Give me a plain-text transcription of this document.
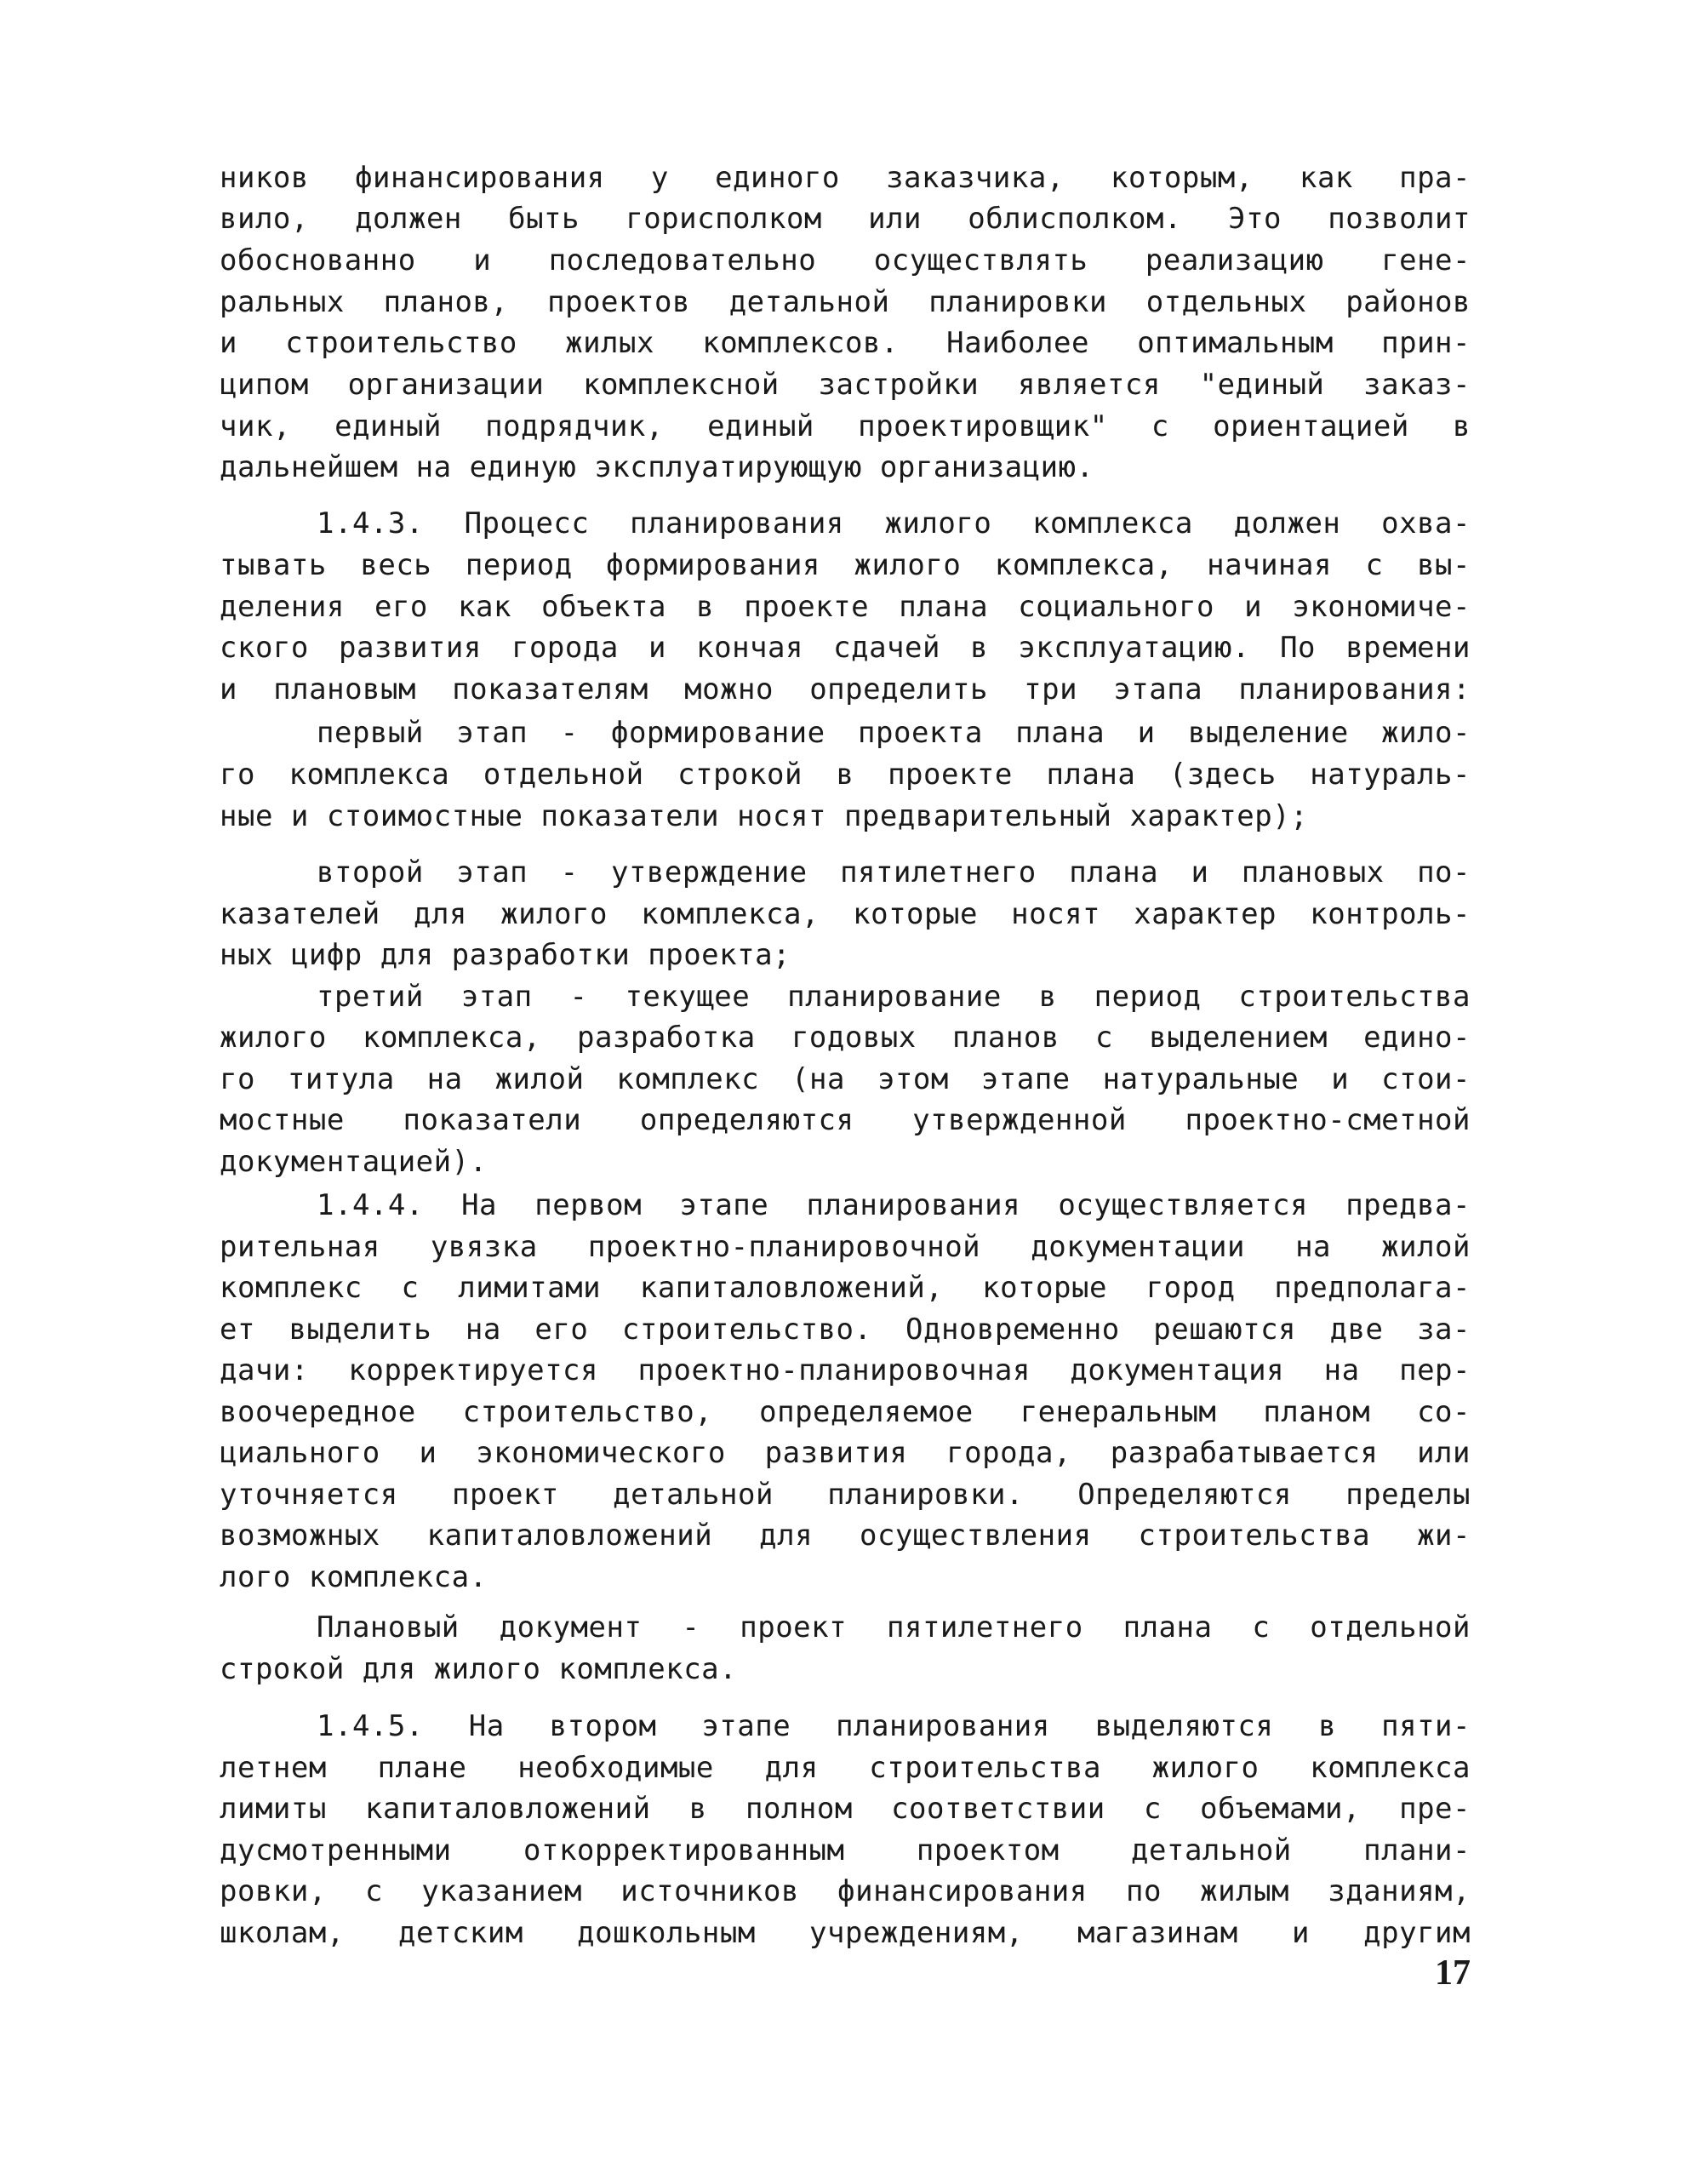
ников финансирования у единого заказчика, которым, как пра-
вило, должен быть горисполком или облисполком. Это позволит
обоснованно и последовательно осуществлять реализацию гене-
ральных планов, проектов детальной планировки отдельных районов
и строительство жилых комплексов. Наиболее оптимальным прин-
ципом организации комплексной застройки является "единый заказ-
чик, единый подрядчик, единый проектировщик" с ориентацией в
дальнейшем на единую эксплуатирующую организацию.
1.4.3. Процесс планирования жилого комплекса должен охва-
тывать весь период формирования жилого комплекса, начиная с вы-
деления его как объекта в проекте плана социального и экономиче-
ского развития города и кончая сдачей в эксплуатацию. По времени
и плановым показателям можно определить три этапа планирования:
первый этап - формирование проекта плана и выделение жило-
го комплекса отдельной строкой в проекте плана (здесь натураль-
ные и стоимостные показатели носят предварительный характер);
второй этап - утверждение пятилетнего плана и плановых по-
казателей для жилого комплекса, которые носят характер контроль-
ных цифр для разработки проекта;
третий этап - текущее планирование в период строительства
жилого комплекса, разработка годовых планов с выделением едино-
го титула на жилой комплекс (на этом этапе натуральные и стои-
мостные показатели определяются утвержденной проектно-сметной
документацией).
1.4.4. На первом этапе планирования осуществляется предва-
рительная увязка проектно-планировочной документации на жилой
комплекс с лимитами капиталовложений, которые город предполага-
ет выделить на его строительство. Одновременно решаются две за-
дачи: корректируется проектно-планировочная документация на пер-
воочередное строительство, определяемое генеральным планом со-
циального и экономического развития города, разрабатывается или
уточняется проект детальной планировки. Определяются пределы
возможных капиталовложений для осуществления строительства жи-
лого комплекса.
Плановый документ - проект пятилетнего плана с отдельной
строкой для жилого комплекса.
1.4.5. На втором этапе планирования выделяются в пяти-
летнем плане необходимые для строительства жилого комплекса
лимиты капиталовложений в полном соответствии с объемами, пре-
дусмотренными откорректированным проектом детальной плани-
ровки, с указанием источников финансирования по жилым зданиям,
школам, детским дошкольным учреждениям, магазинам и другим
17
